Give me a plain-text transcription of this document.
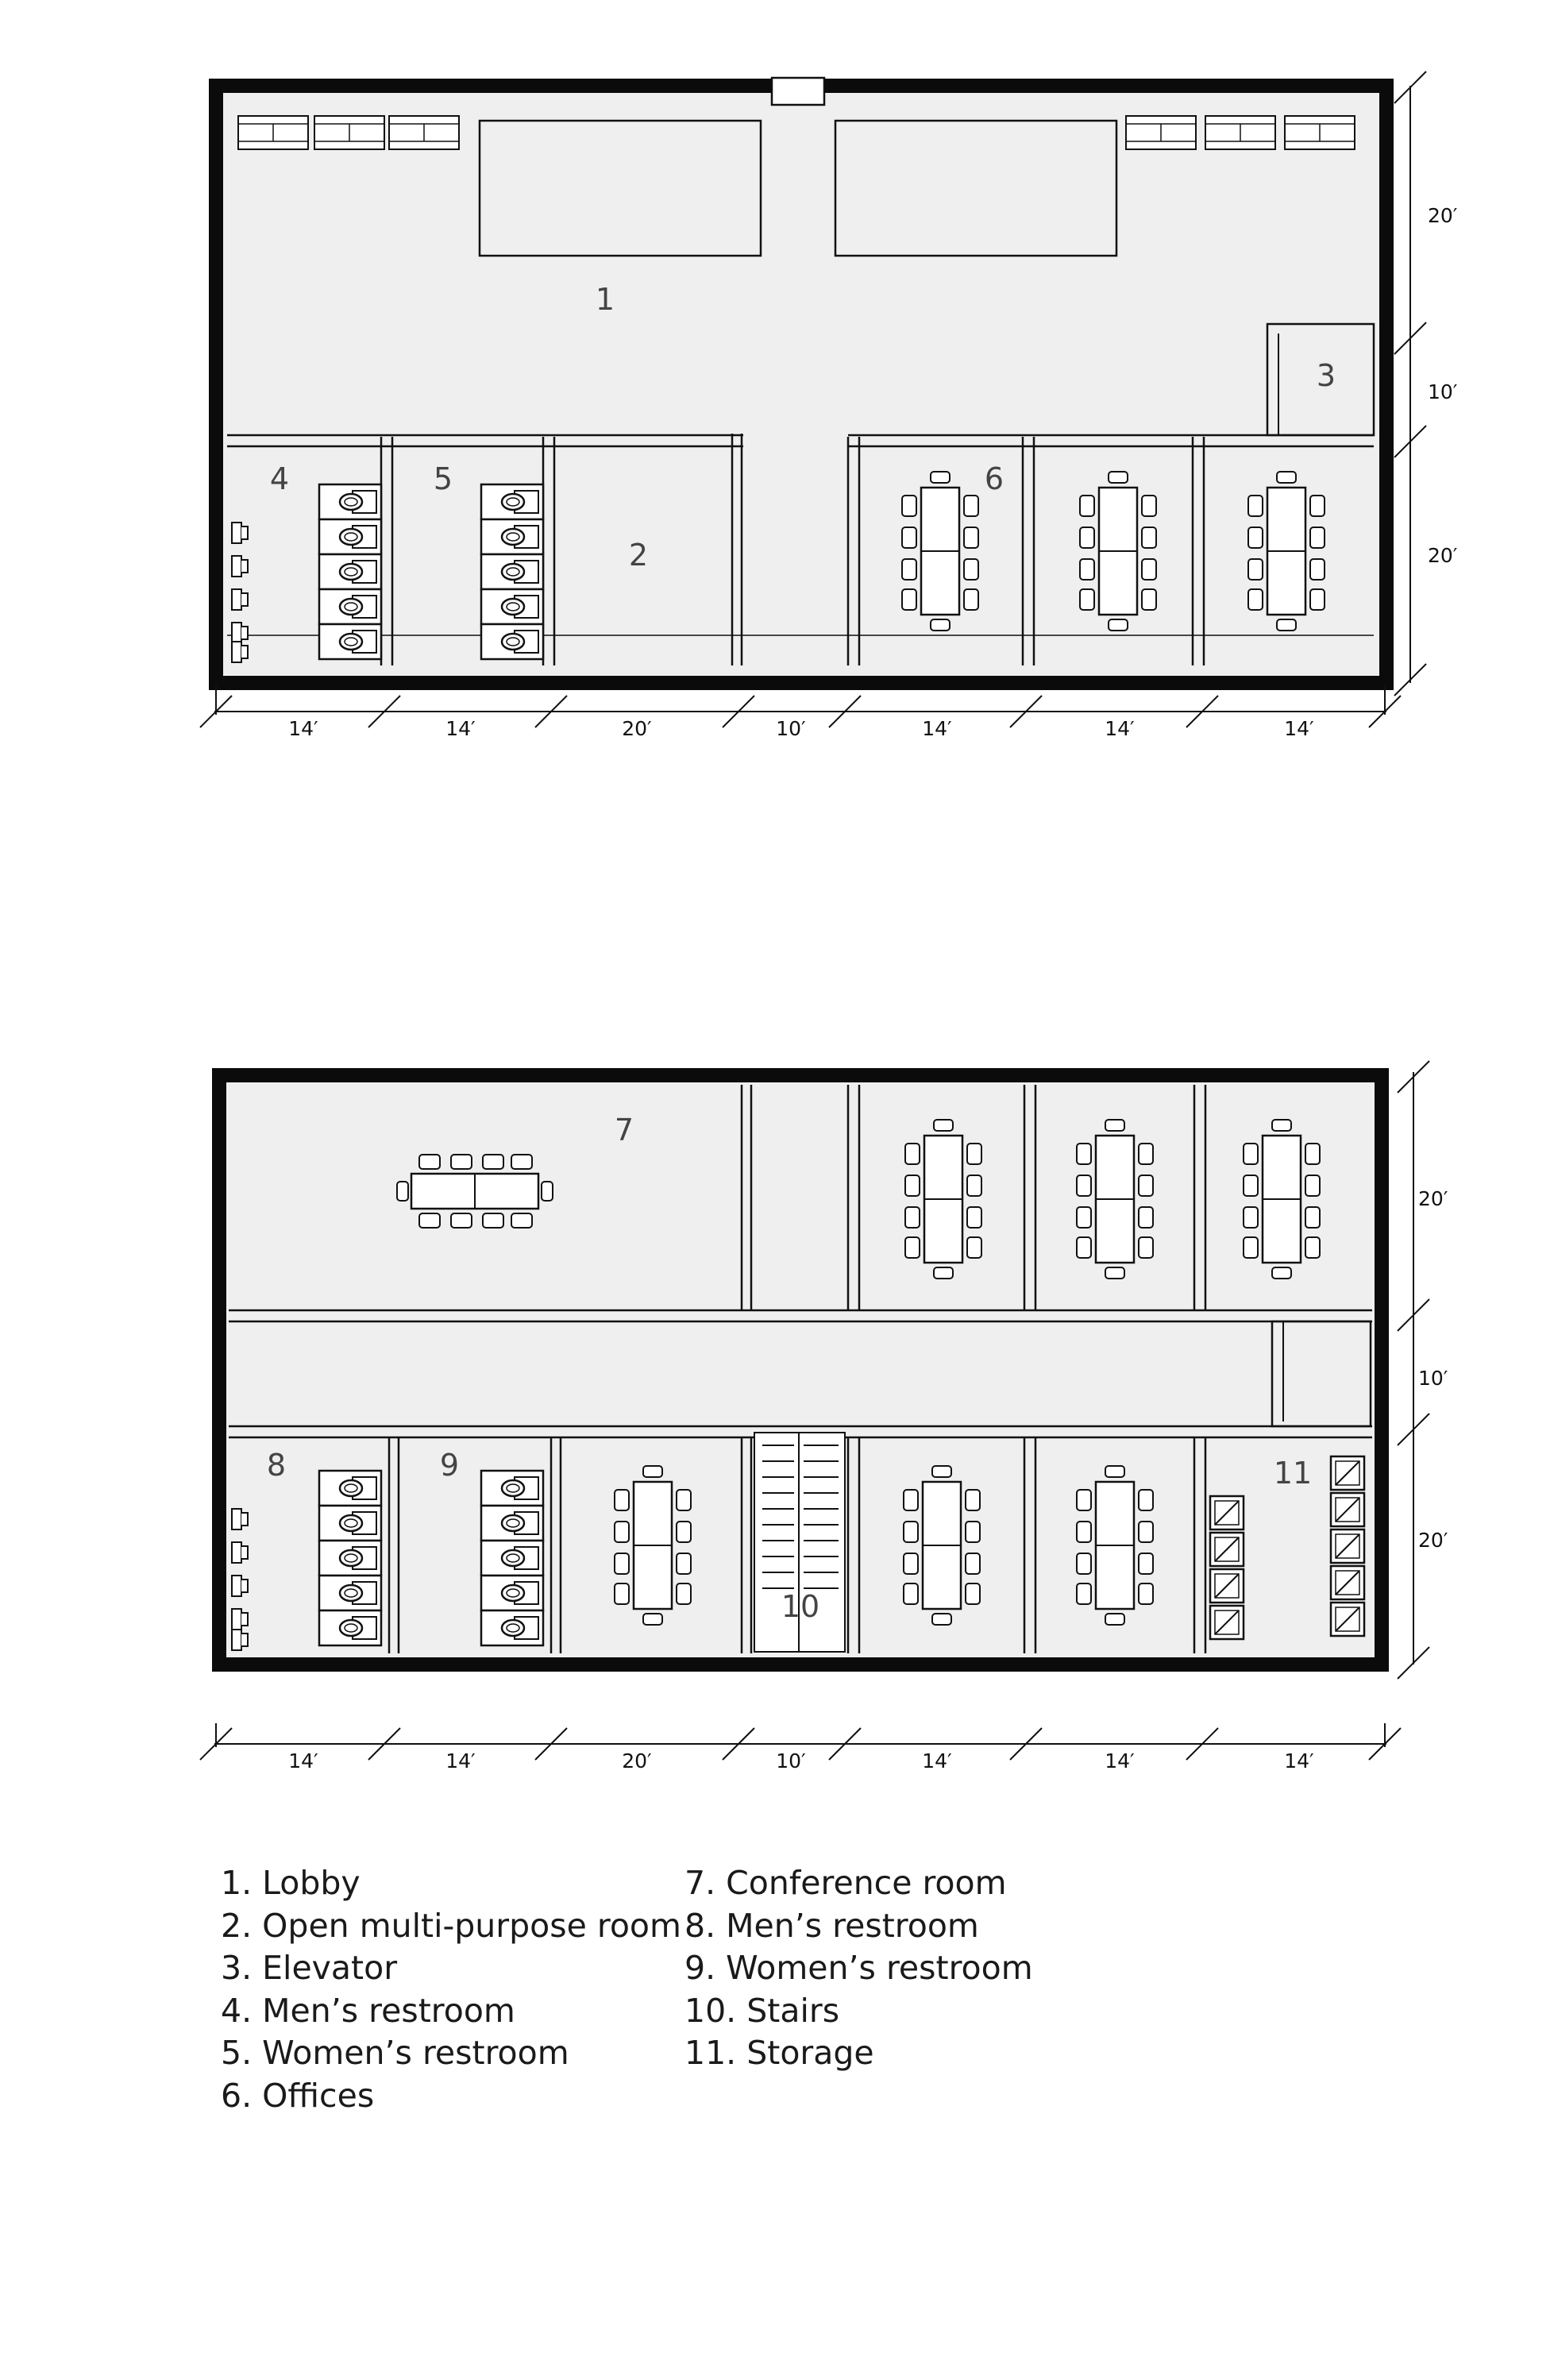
1
2
3
4	5	6
14′	14′	20′	10′	14′	14′	14′
20′
10′
20′
7
8	9
10
11
14′	14′	20′	10′	14′	14′	14′
20′
10′
20′
1. Lobby
2. Open multi-purpose room
3. Elevator
4. Men’s restroom
5. Women’s restroom
6. Offices
7. Conference room
8. Men’s restroom
9. Women’s restroom
10. Stairs
11. Storage
